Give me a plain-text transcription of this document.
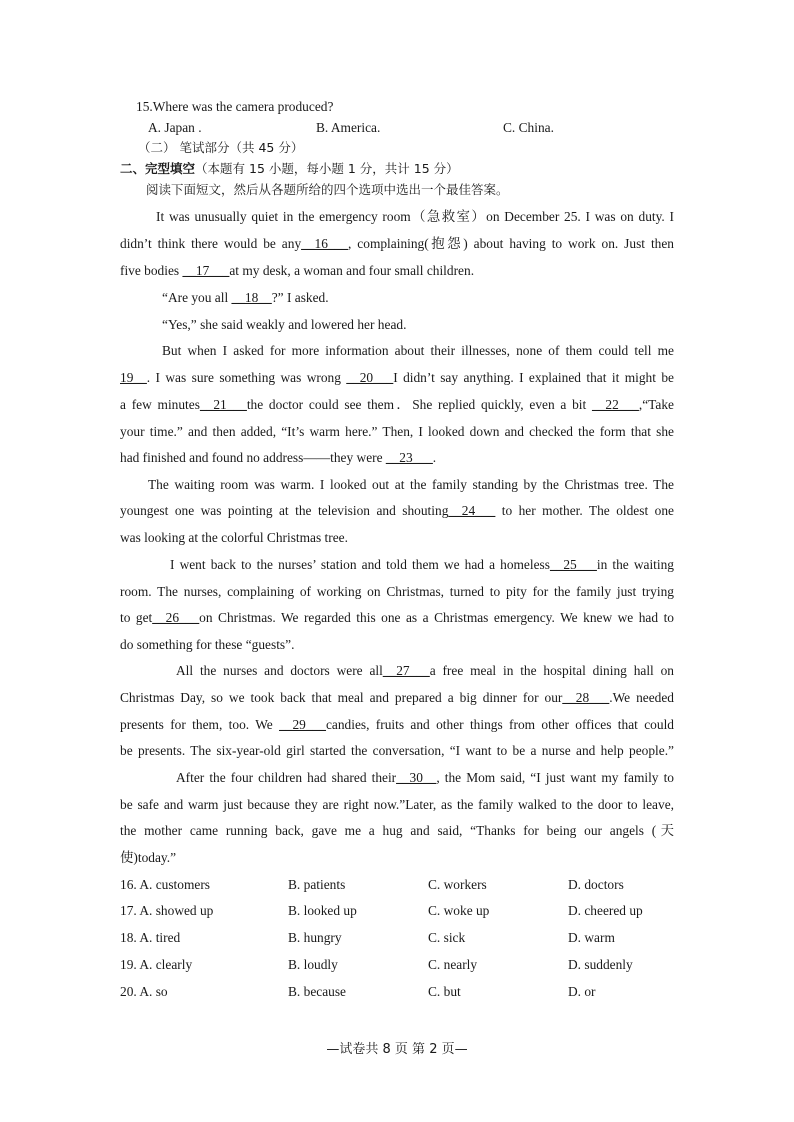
15.Where was the camera produced?
A. Japan .	B. America.	C. China.
（二） 笔试部分（共 45 分）
二、完型填空（本题有 15 小题，每小题 1 分，共计 15 分）
阅读下面短文，然后从各题所给的四个选项中选出一个最佳答案。
It was unusually quiet in the emergency room（急救室）on December 25. I was on duty. I
didn’t think there would be any__16___, complaining(抱怨) about having to work on. Just then
five bodies __17___at my desk, a woman and four small children.
“Are you all __18__?” I asked.
“Yes,” she said weakly and lowered her head.
But when I asked for more information about their illnesses, none of them could tell me
19__. I was sure something was wrong __20___I didn’t say anything. I explained that it might be
a few minutes__21___the doctor could see them．She replied quickly, even a bit __22___,“Take
your time.” and then added, “It’s warm here.” Then, I looked down and checked the form that she
had finished and found no address——they were __23___.
The waiting room was warm. I looked out at the family standing by the Christmas tree. The
youngest one was pointing at the television and shouting__24___ to her mother. The oldest one
was looking at the colorful Christmas tree.
I went back to the nurses’ station and told them we had a homeless__25___in the waiting
room. The nurses, complaining of working on Christmas, turned to pity for the family just trying
to get__26___on Christmas. We regarded this one as a Christmas emergency. We knew we had to
do something for these “guests”.
All the nurses and doctors were all__27___a free meal in the hospital dining hall on
Christmas Day, so we took back that meal and prepared a big dinner for our__28___.We needed
presents for them, too. We __29___candies, fruits and other things from other offices that could
be presents. The six-year-old girl started the conversation, “I want to be a nurse and help people.”
After the four children had shared their__30__, the Mom said, “I just want my family to
be safe and warm just because they are right now.”Later, as the family walked to the door to leave,
the mother came running back, gave me a hug and said, “Thanks for being our angels (天
使)today.”
16. A. customers	B. patients	C. workers	D. doctors
17. A. showed up	B. looked up	C. woke up	D. cheered up
18. A. tired	B. hungry	C. sick	D. warm
19. A. clearly	B. loudly	C. nearly	D. suddenly
20. A. so	B. because	C. but	D. or
—试卷共 8 页 第 2 页—
